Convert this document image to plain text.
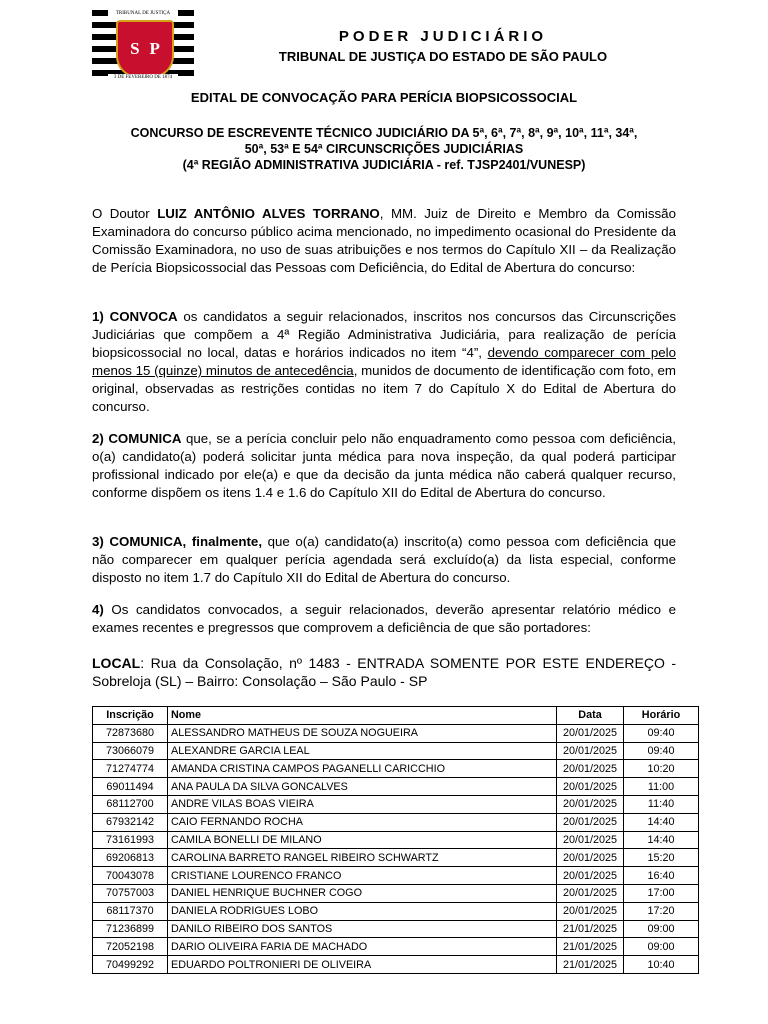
TRIBUNAL DE JUSTIÇA
S P
3 DE FEVEREIRO DE 1874
PODER JUDICIÁRIO
TRIBUNAL DE JUSTIÇA DO ESTADO DE SÃO PAULO
EDITAL DE CONVOCAÇÃO PARA PERÍCIA BIOPSICOSSOCIAL
CONCURSO DE ESCREVENTE TÉCNICO JUDICIÁRIO DA 5ª, 6ª, 7ª, 8ª, 9ª, 10ª, 11ª, 34ª,
50ª, 53ª E 54ª CIRCUNSCRIÇÕES JUDICIÁRIAS
(4ª REGIÃO ADMINISTRATIVA JUDICIÁRIA - ref. TJSP2401/VUNESP)
O Doutor LUIZ ANTÔNIO ALVES TORRANO, MM. Juiz de Direito e Membro da Comissão Examinadora do concurso público acima mencionado, no impedimento ocasional do Presidente da Comissão Examinadora, no uso de suas atribuições e nos termos do Capítulo XII – da Realização de Perícia Biopsicossocial das Pessoas com Deficiência, do Edital de Abertura do concurso:
1) CONVOCA os candidatos a seguir relacionados, inscritos nos concursos das Circunscrições Judiciárias que compõem a 4ª Região Administrativa Judiciária, para realização de perícia biopsicossocial no local, datas e horários indicados no item “4”, devendo comparecer com pelo menos 15 (quinze) minutos de antecedência, munidos de documento de identificação com foto, em original, observadas as restrições contidas no item 7 do Capítulo X do Edital de Abertura do concurso.
2) COMUNICA que, se a perícia concluir pelo não enquadramento como pessoa com deficiência, o(a) candidato(a) poderá solicitar junta médica para nova inspeção, da qual poderá participar profissional indicado por ele(a) e que da decisão da junta médica não caberá qualquer recurso, conforme dispõem os itens 1.4 e 1.6 do Capítulo XII do Edital de Abertura do concurso.
3) COMUNICA, finalmente, que o(a) candidato(a) inscrito(a) como pessoa com deficiência que não comparecer em qualquer perícia agendada será excluído(a) da lista especial, conforme disposto no item 1.7 do Capítulo XII do Edital de Abertura do concurso.
4) Os candidatos convocados, a seguir relacionados, deverão apresentar relatório médico e exames recentes e pregressos que comprovem a deficiência de que são portadores:
LOCAL: Rua da Consolação, nº 1483 - ENTRADA SOMENTE POR ESTE ENDEREÇO - Sobreloja (SL) – Bairro: Consolação – São Paulo - SP
Inscrição	Nome	Data	Horário
72873680	ALESSANDRO MATHEUS DE SOUZA NOGUEIRA	20/01/2025	09:40
73066079	ALEXANDRE GARCIA LEAL	20/01/2025	09:40
71274774	AMANDA CRISTINA CAMPOS PAGANELLI CARICCHIO	20/01/2025	10:20
69011494	ANA PAULA DA SILVA GONCALVES	20/01/2025	11:00
68112700	ANDRE VILAS BOAS VIEIRA	20/01/2025	11:40
67932142	CAIO FERNANDO ROCHA	20/01/2025	14:40
73161993	CAMILA BONELLI DE MILANO	20/01/2025	14:40
69206813	CAROLINA BARRETO RANGEL RIBEIRO SCHWARTZ	20/01/2025	15:20
70043078	CRISTIANE LOURENCO FRANCO	20/01/2025	16:40
70757003	DANIEL HENRIQUE BUCHNER COGO	20/01/2025	17:00
68117370	DANIELA RODRIGUES LOBO	20/01/2025	17:20
71236899	DANILO RIBEIRO DOS SANTOS	21/01/2025	09:00
72052198	DARIO OLIVEIRA FARIA DE MACHADO	21/01/2025	09:00
70499292	EDUARDO POLTRONIERI DE OLIVEIRA	21/01/2025	10:40
